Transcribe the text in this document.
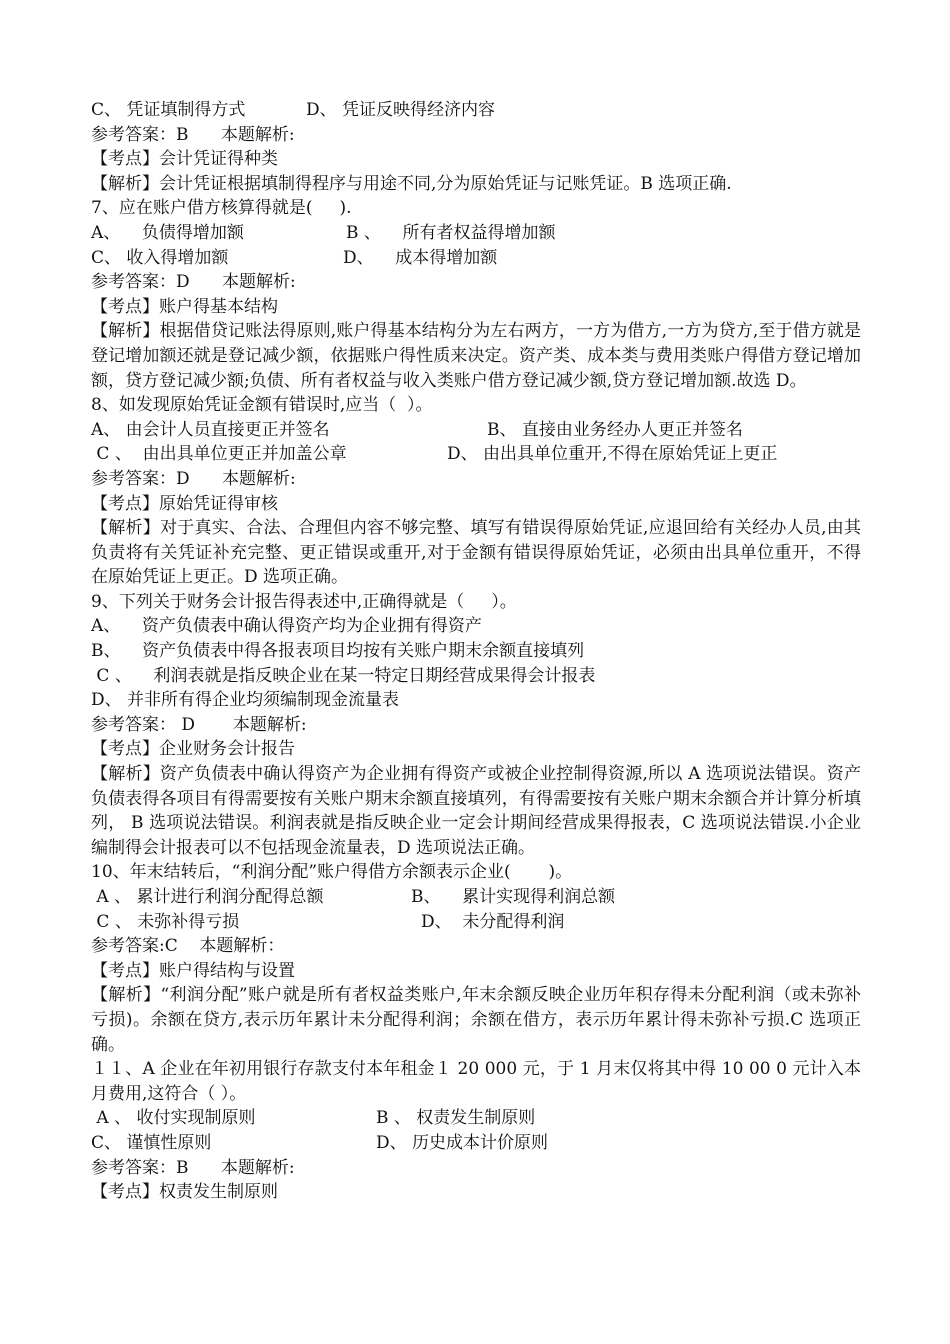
C、 凭证填制得方式	D、 凭证反映得经济内容
参考答案：B      本题解析:
【考点】会计凭证得种类
【解析】会计凭证根据填制得程序与用途不同,分为原始凭证与记账凭证。B 选项正确.
7、应在账户借方核算得就是(     ).
A、    负债得增加额	B 、    所有者权益得增加额
C、 收入得增加额	D、    成本得增加额
参考答案：D      本题解析:
【考点】账户得基本结构
【解析】根据借贷记账法得原则,账户得基本结构分为左右两方，一方为借方,一方为贷方,至于借方就是登记增加额还就是登记减少额，依据账户得性质来决定。资产类、成本类与费用类账户得借方登记增加额，贷方登记减少额;负债、所有者权益与收入类账户借方登记减少额,贷方登记增加额.故选 D。
8、如发现原始凭证金额有错误时,应当（  ）。
A、 由会计人员直接更正并签名	B、 直接由业务经办人更正并签名
C 、  由出具单位更正并加盖公章	D、 由出具单位重开,不得在原始凭证上更正
参考答案：D      本题解析:
【考点】原始凭证得审核
【解析】对于真实、合法、合理但内容不够完整、填写有错误得原始凭证,应退回给有关经办人员,由其负责将有关凭证补充完整、更正错误或重开,对于金额有错误得原始凭证，必须由出具单位重开，不得在原始凭证上更正。D 选项正确。
9、下列关于财务会计报告得表述中,正确得就是（     ）。
A、    资产负债表中确认得资产均为企业拥有得资产
B、    资产负债表中得各报表项目均按有关账户期末余额直接填列
C 、    利润表就是指反映企业在某一特定日期经营成果得会计报表
D、 并非所有得企业均须编制现金流量表
参考答案： D       本题解析:
【考点】企业财务会计报告
【解析】资产负债表中确认得资产为企业拥有得资产或被企业控制得资源,所以 A 选项说法错误。资产负债表得各项目有得需要按有关账户期末余额直接填列，有得需要按有关账户期末余额合并计算分析填列， B 选项说法错误。利润表就是指反映企业一定会计期间经营成果得报表，C 选项说法错误.小企业编制得会计报表可以不包括现金流量表，D 选项说法正确。
10、年末结转后，“利润分配”账户得借方余额表示企业(       )。
A 、 累计进行利润分配得总额	B、    累计实现得利润总额
C 、 未弥补得亏损	D、  未分配得利润
参考答案:C    本题解析：
【考点】账户得结构与设置
【解析】“利润分配”账户就是所有者权益类账户,年末余额反映企业历年积存得未分配利润（或未弥补亏损)。余额在贷方,表示历年累计未分配得利润；余额在借方，表示历年累计得未弥补亏损.C 选项正确。
１１、A 企业在年初用银行存款支付本年租金１ 20 000 元，于 1 月末仅将其中得 10 00 0 元计入本月费用,这符合（ ）。
A 、 收付实现制原则	B 、 权责发生制原则
C、 谨慎性原则	D、 历史成本计价原则
参考答案：B      本题解析:
【考点】权责发生制原则
